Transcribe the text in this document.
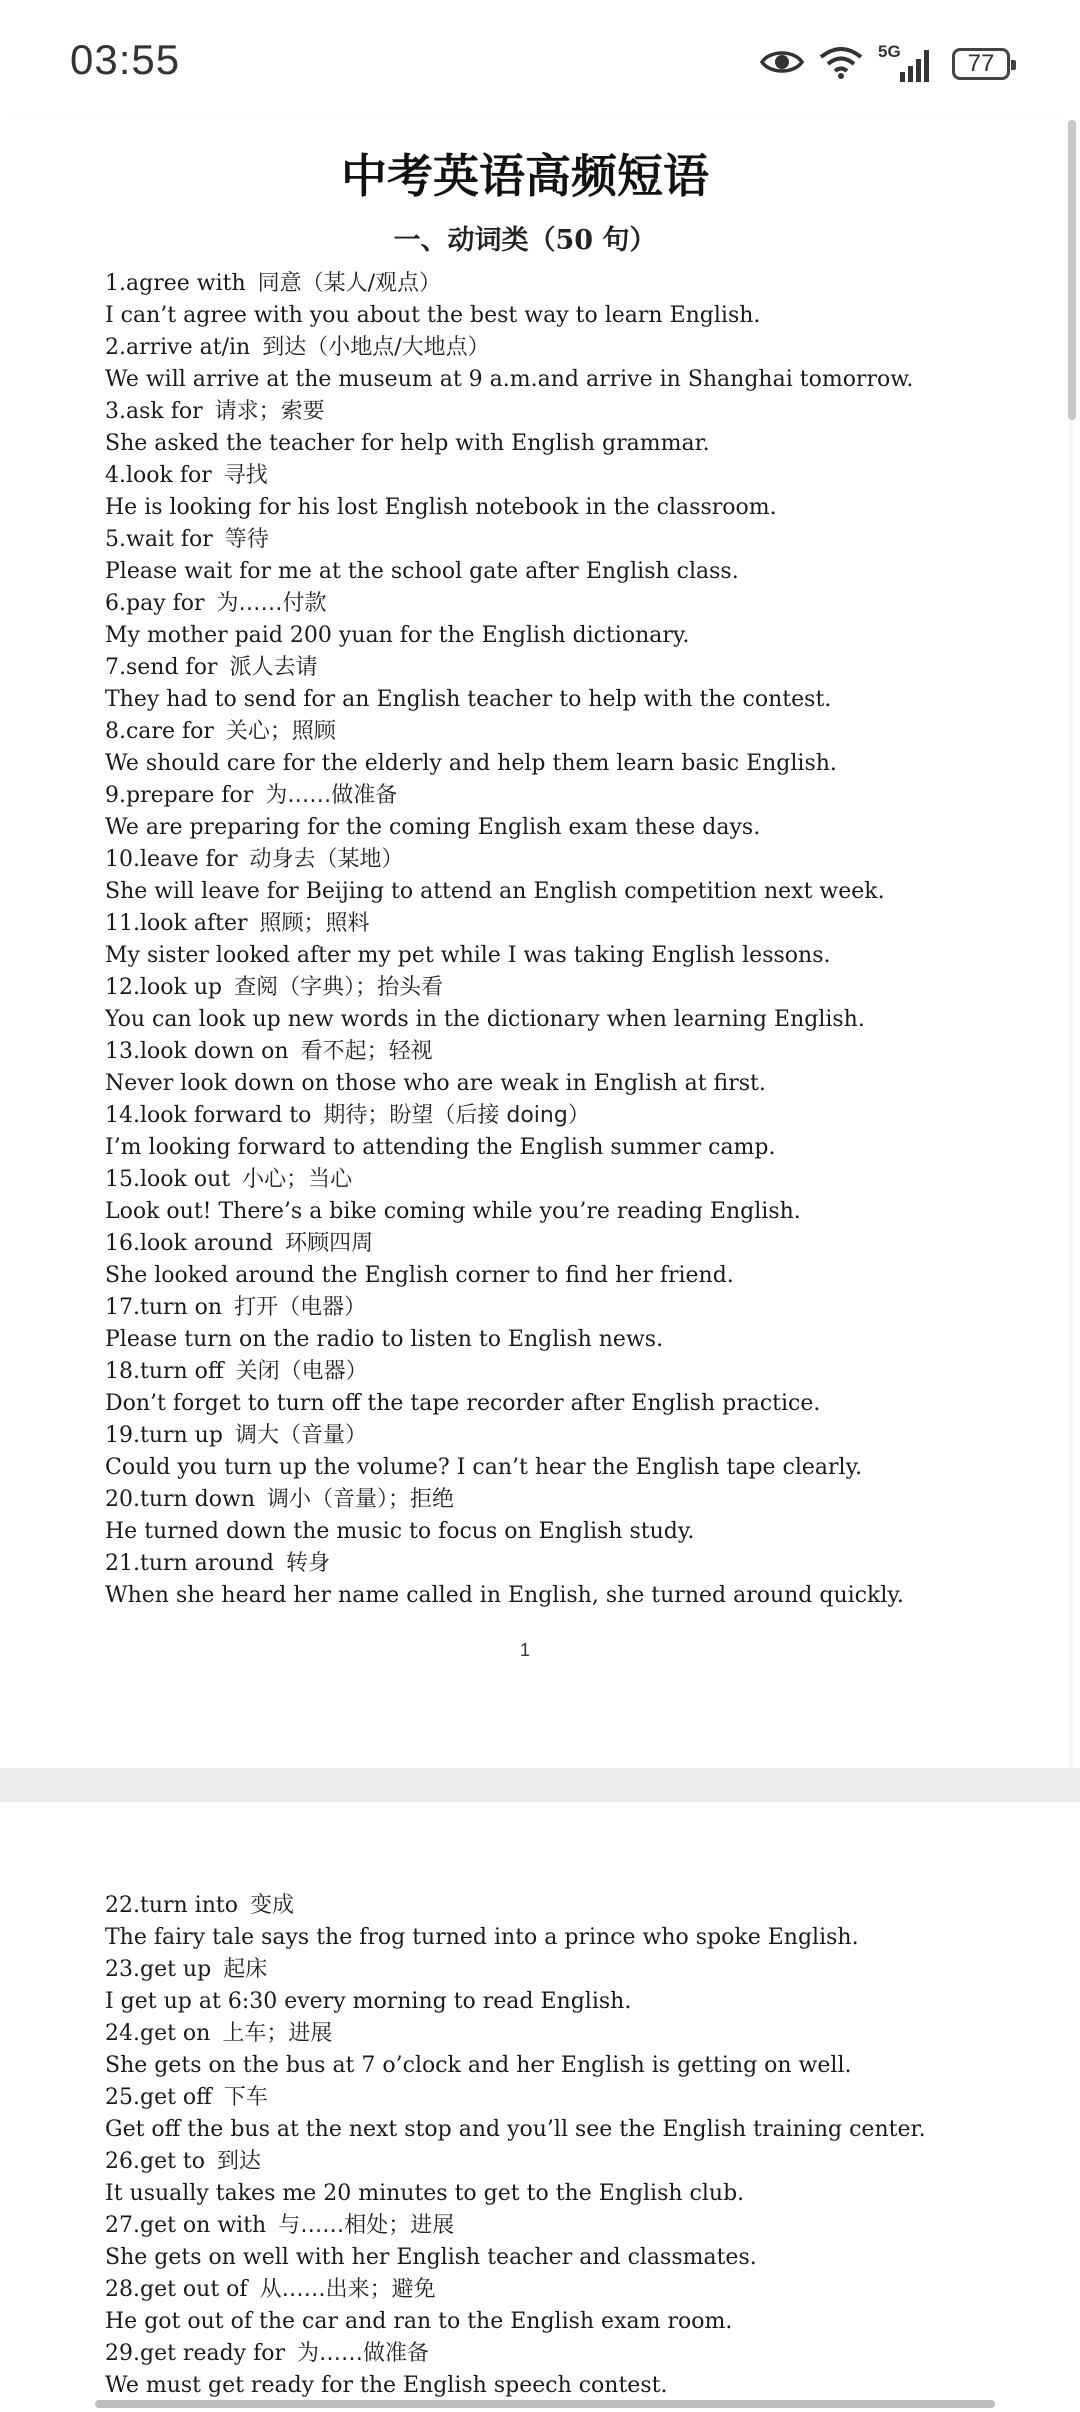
03:55	5G	77
中考英语高频短语
一、动词类（50 句）
1.agree with 同意（某人/观点）
I can’t agree with you about the best way to learn English.
2.arrive at/in 到达（小地点/大地点）
We will arrive at the museum at 9 a.m.and arrive in Shanghai tomorrow.
3.ask for 请求；索要
She asked the teacher for help with English grammar.
4.look for 寻找
He is looking for his lost English notebook in the classroom.
5.wait for 等待
Please wait for me at the school gate after English class.
6.pay for 为……付款
My mother paid 200 yuan for the English dictionary.
7.send for 派人去请
They had to send for an English teacher to help with the contest.
8.care for 关心；照顾
We should care for the elderly and help them learn basic English.
9.prepare for 为……做准备
We are preparing for the coming English exam these days.
10.leave for 动身去（某地）
She will leave for Beijing to attend an English competition next week.
11.look after 照顾；照料
My sister looked after my pet while I was taking English lessons.
12.look up 查阅（字典）；抬头看
You can look up new words in the dictionary when learning English.
13.look down on 看不起；轻视
Never look down on those who are weak in English at first.
14.look forward to 期待；盼望（后接 doing）
I’m looking forward to attending the English summer camp.
15.look out 小心；当心
Look out! There’s a bike coming while you’re reading English.
16.look around 环顾四周
She looked around the English corner to find her friend.
17.turn on 打开（电器）
Please turn on the radio to listen to English news.
18.turn off 关闭（电器）
Don’t forget to turn off the tape recorder after English practice.
19.turn up 调大（音量）
Could you turn up the volume? I can’t hear the English tape clearly.
20.turn down 调小（音量）；拒绝
He turned down the music to focus on English study.
21.turn around 转身
When she heard her name called in English, she turned around quickly.
1
22.turn into 变成
The fairy tale says the frog turned into a prince who spoke English.
23.get up 起床
I get up at 6:30 every morning to read English.
24.get on 上车；进展
She gets on the bus at 7 o’clock and her English is getting on well.
25.get off 下车
Get off the bus at the next stop and you’ll see the English training center.
26.get to 到达
It usually takes me 20 minutes to get to the English club.
27.get on with 与……相处；进展
She gets on well with her English teacher and classmates.
28.get out of 从……出来；避免
He got out of the car and ran to the English exam room.
29.get ready for 为……做准备
We must get ready for the English speech contest.
